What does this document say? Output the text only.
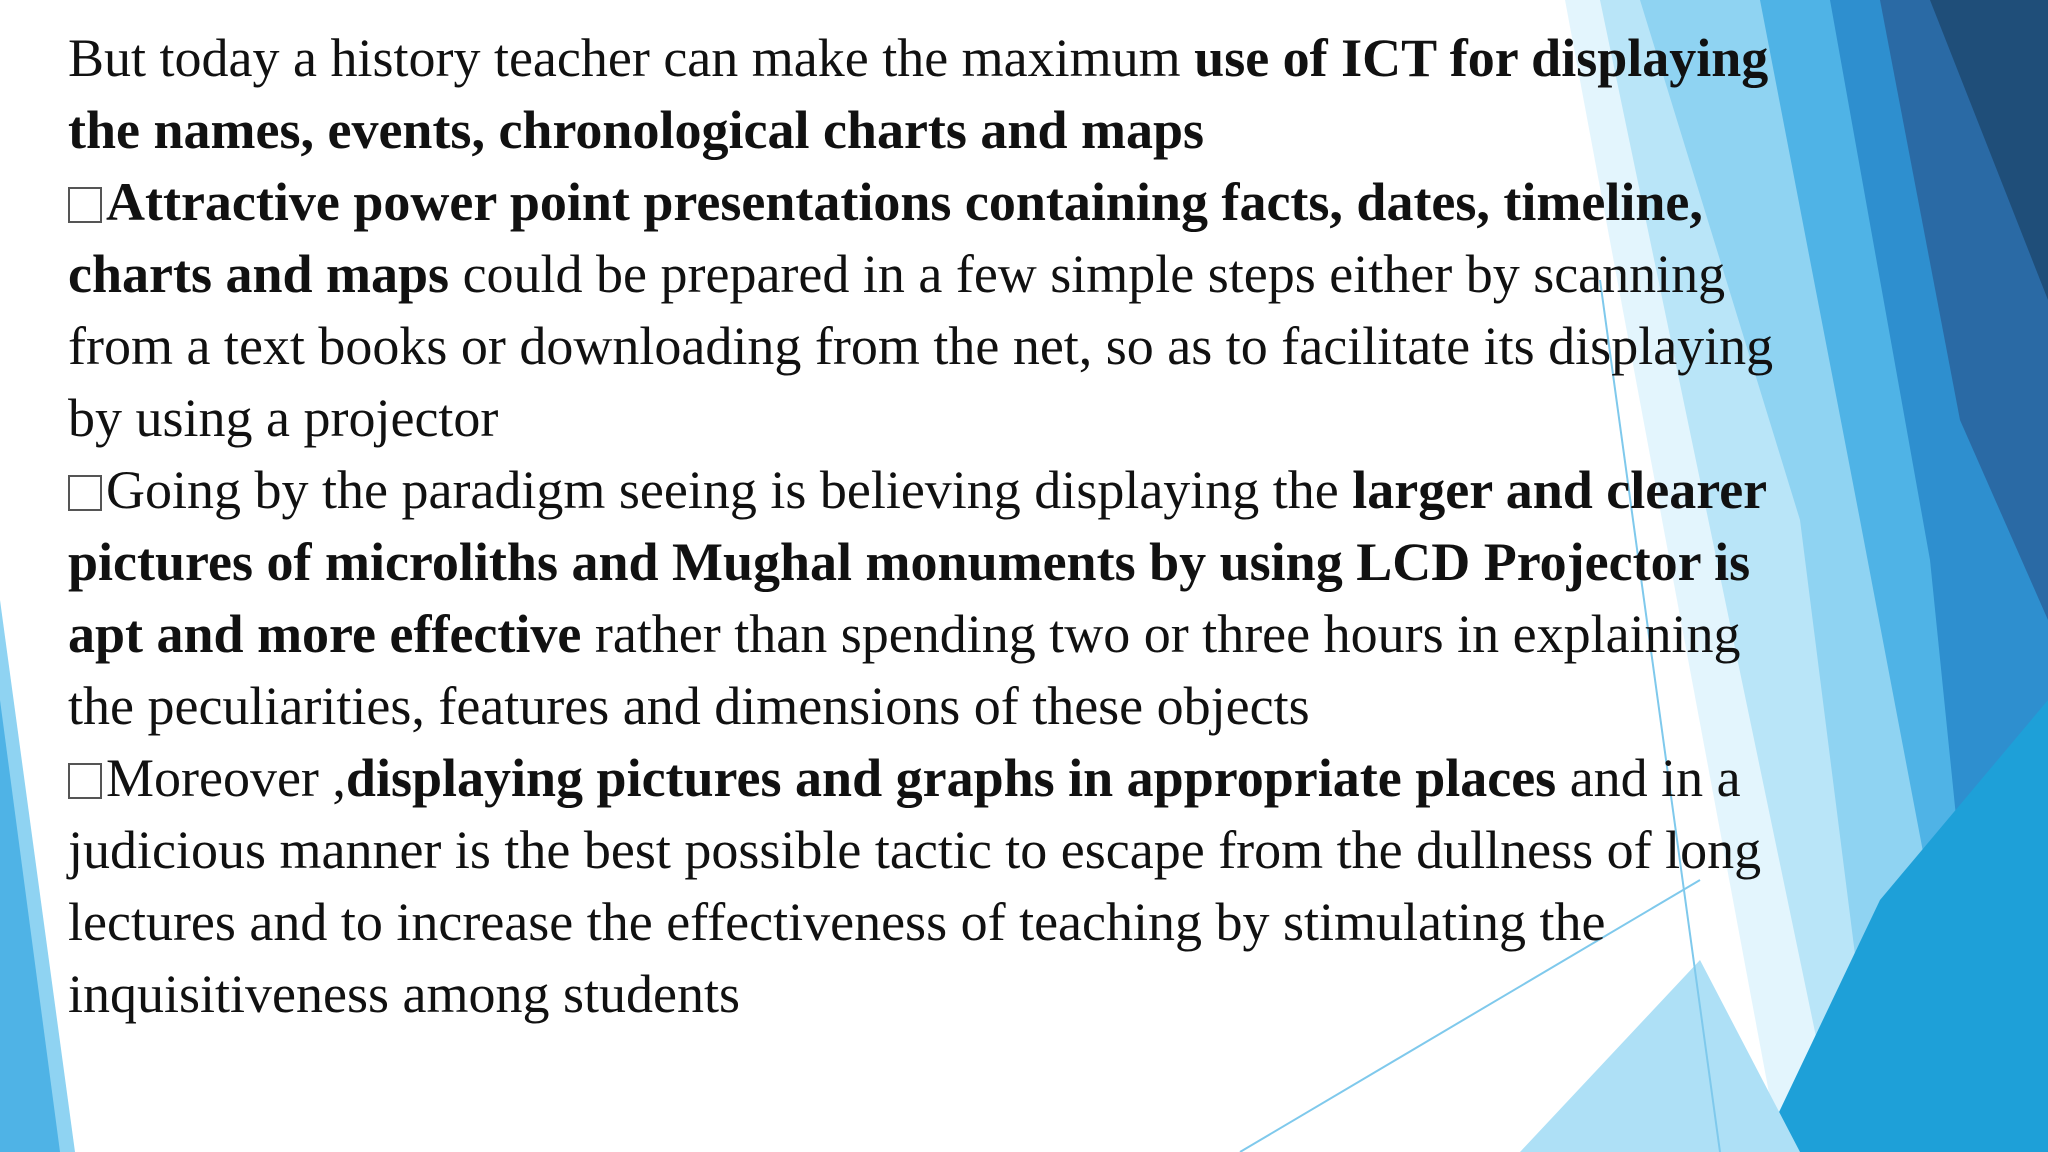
But today a history teacher can make the maximum use of ICT for displaying
the names, events, chronological charts and maps
Attractive power point presentations containing facts, dates, timeline,
charts and maps could be prepared in a few simple steps either by scanning
from a text books or downloading from the net, so as to facilitate its displaying
by using a projector
Going by the paradigm seeing is believing displaying the larger and clearer
pictures of microliths and Mughal monuments by using LCD Projector is
apt and more effective rather than spending two or three hours in explaining
the peculiarities, features and dimensions of these objects
Moreover ,displaying pictures and graphs in appropriate places and in a
judicious manner is the best possible tactic to escape from the dullness of long
lectures and to increase the effectiveness of teaching by stimulating the
inquisitiveness among students
